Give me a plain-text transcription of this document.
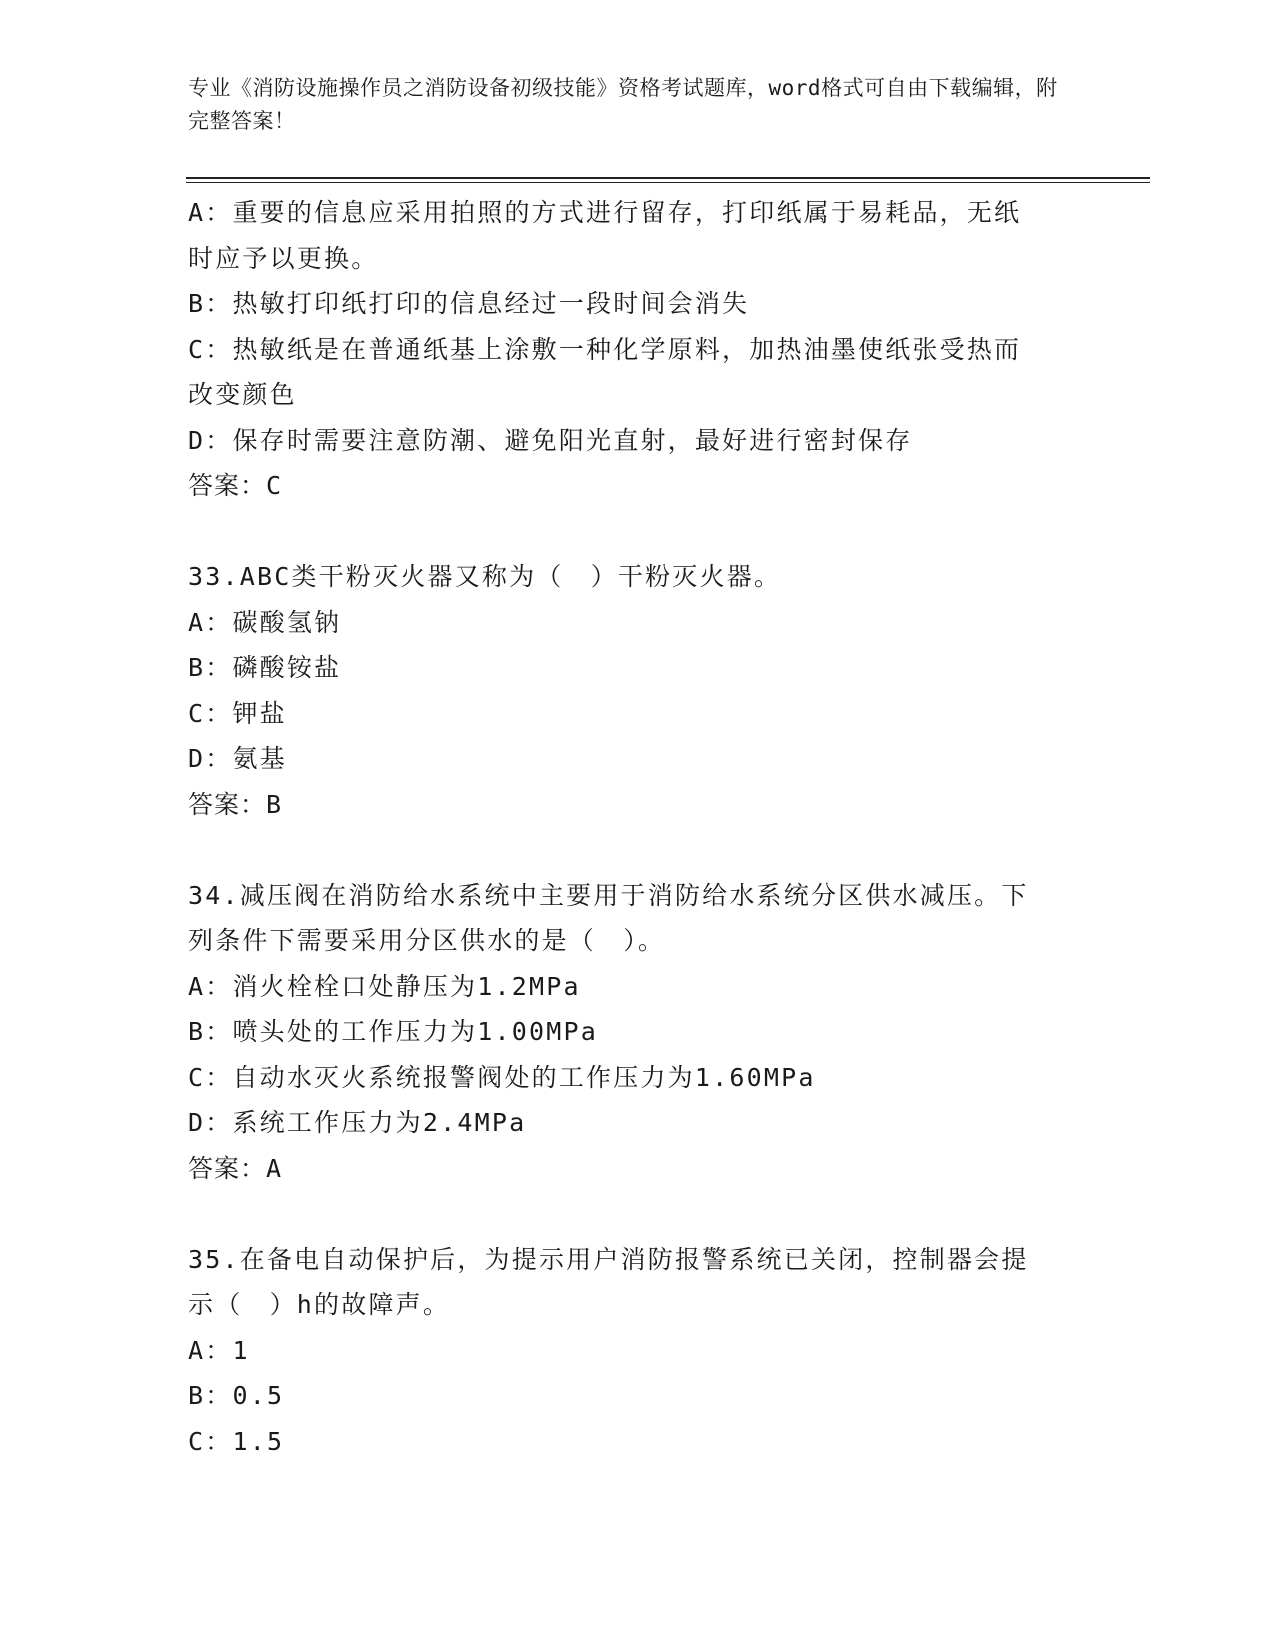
专业《消防设施操作员之消防设备初级技能》资格考试题库，word格式可自由下载编辑，附完整答案！
A：重要的信息应采用拍照的方式进行留存，打印纸属于易耗品，无纸
时应予以更换。
B：热敏打印纸打印的信息经过一段时间会消失
C：热敏纸是在普通纸基上涂敷一种化学原料，加热油墨使纸张受热而
改变颜色
D：保存时需要注意防潮、避免阳光直射，最好进行密封保存
答案：C
33.ABC类干粉灭火器又称为（　）干粉灭火器。
A：碳酸氢钠
B：磷酸铵盐
C：钾盐
D：氨基
答案：B
34.减压阀在消防给水系统中主要用于消防给水系统分区供水减压。下
列条件下需要采用分区供水的是（　）。
A：消火栓栓口处静压为1.2MPa
B：喷头处的工作压力为1.00MPa
C：自动水灭火系统报警阀处的工作压力为1.60MPa
D：系统工作压力为2.4MPa
答案：A
35.在备电自动保护后，为提示用户消防报警系统已关闭，控制器会提
示（　）h的故障声。
A：1
B：0.5
C：1.5
